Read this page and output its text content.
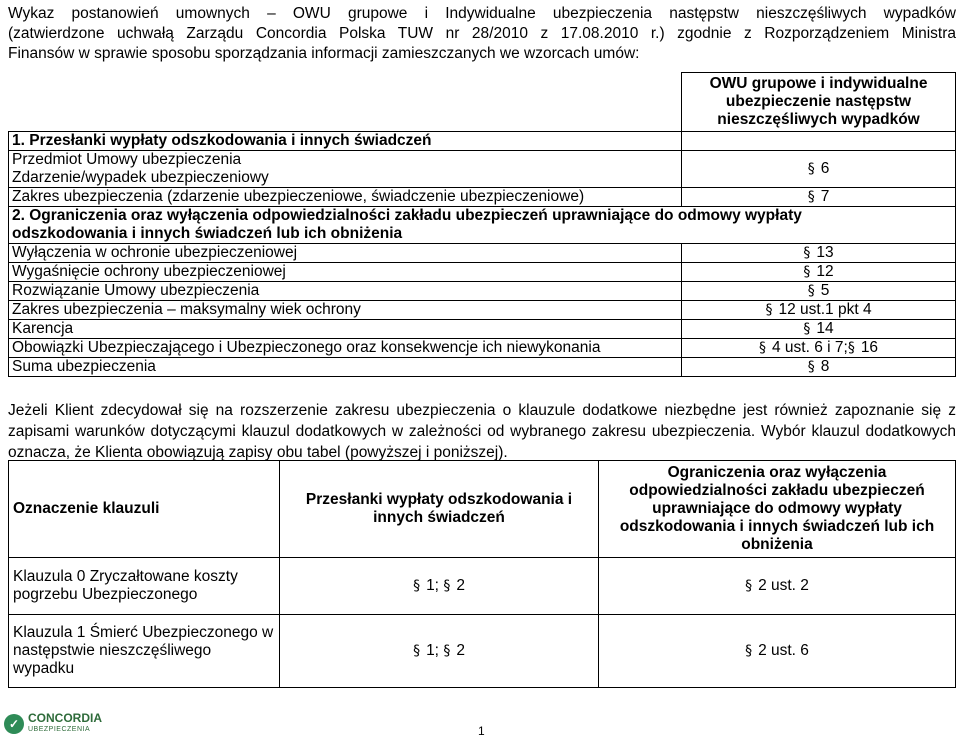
Wykaz postanowień umownych – OWU grupowe i Indywidualne ubezpieczenia następstw nieszczęśliwych wypadków
(zatwierdzone uchwałą Zarządu Concordia Polska TUW nr 28/2010 z 17.08.2010 r.) zgodnie z Rozporządzeniem Ministra
Finansów w sprawie sposobu sporządzania informacji zamieszczanych we wzorcach umów:
	OWU grupowe i indywidualne ubezpieczenie następstw nieszczęśliwych wypadków
1. Przesłanki wypłaty odszkodowania i innych świadczeń	

Przedmiot Umowy ubezpieczenia
Zdarzenie/wypadek ubezpieczeniowy	§ 6
Zakres ubezpieczenia (zdarzenie ubezpieczeniowe, świadczenie ubezpieczeniowe)	§ 7

2. Ograniczenia oraz wyłączenia odpowiedzialności zakładu ubezpieczeń uprawniające do odmowy wypłaty odszkodowania i innych świadczeń lub ich obniżenia	

Wyłączenia w ochronie ubezpieczeniowej	§ 13
Wygaśnięcie ochrony ubezpieczeniowej	§ 12
Rozwiązanie Umowy ubezpieczenia	§ 5
Zakres ubezpieczenia – maksymalny wiek ochrony	§ 12 ust.1 pkt 4
Karencja	§ 14
Obowiązki Ubezpieczającego i Ubezpieczonego oraz konsekwencje ich niewykonania	§ 4 ust. 6 i 7;§ 16
Suma ubezpieczenia	§ 8
Jeżeli Klient zdecydował się na rozszerzenie zakresu ubezpieczenia o klauzule dodatkowe niezbędne jest również zapoznanie się z zapisami warunków dotyczącymi klauzul dodatkowych w zależności od wybranego zakresu ubezpieczenia. Wybór klauzul dodatkowych oznacza, że Klienta obowiązują zapisy obu tabel (powyższej i poniższej).
Oznaczenie klauzuli	Przesłanki wypłaty odszkodowania i innych świadczeń	Ograniczenia oraz wyłączenia odpowiedzialności zakładu ubezpieczeń uprawniające do odmowy wypłaty odszkodowania i innych świadczeń lub ich obniżenia
Klauzula 0 Zryczałtowane koszty pogrzebu Ubezpieczonego	§ 1; § 2	§ 2 ust. 2
Klauzula 1 Śmierć Ubezpieczonego w następstwie nieszczęśliwego wypadku	§ 1; § 2	§ 2 ust. 6
✓ CONCORDIA
UBEZPIECZENIA	1
